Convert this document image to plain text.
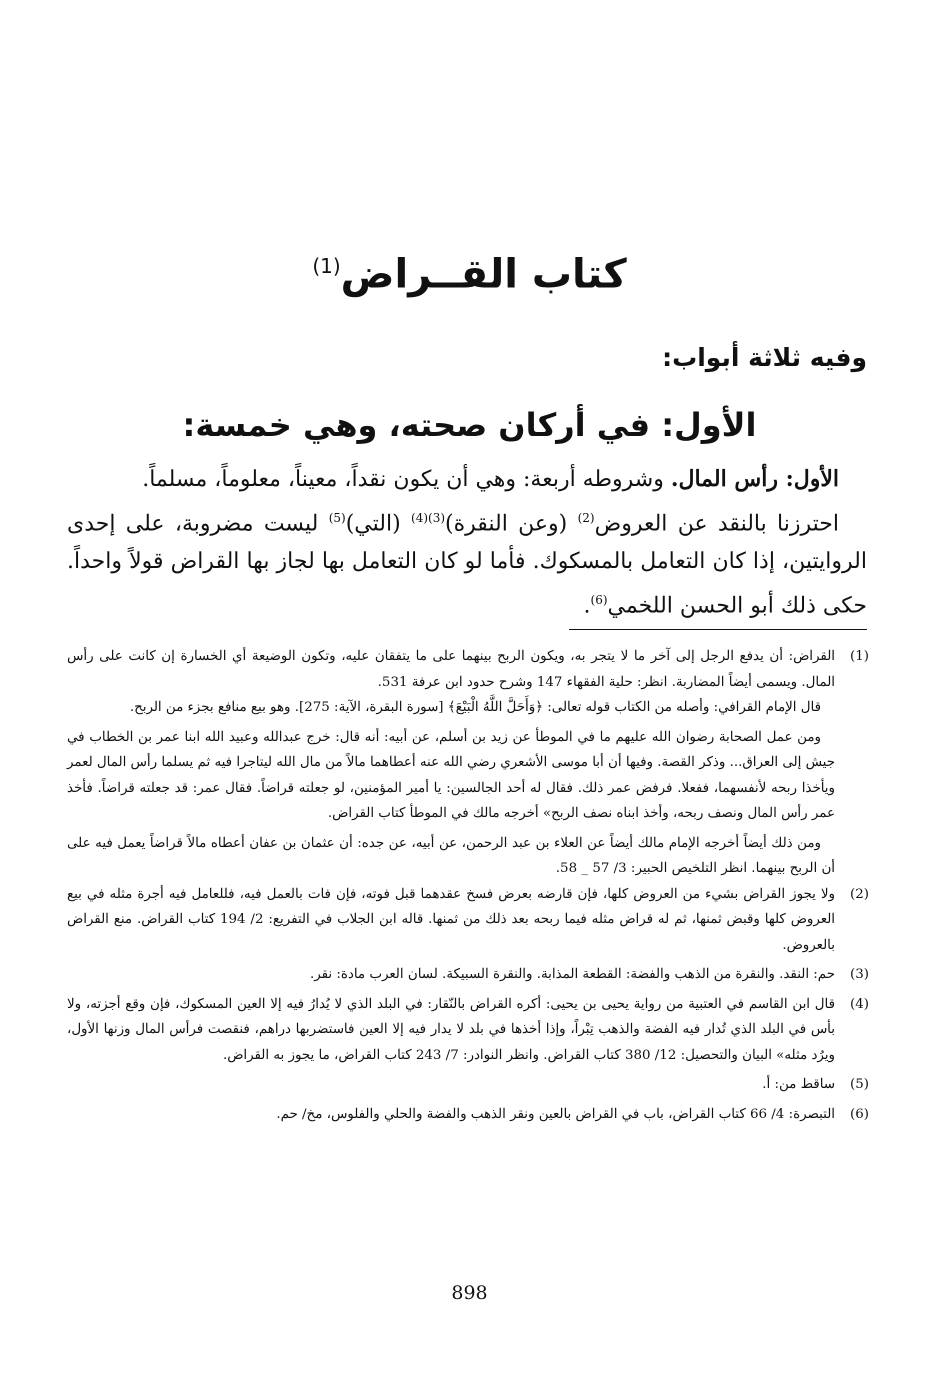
كتاب القــراض$^{(1)}$
وفيه ثلاثة أبواب:
الأول: في أركان صحته، وهي خمسة:

الأول: رأس المال. وشروطه أربعة: وهي أن يكون نقداً، معيناً، معلوماً، مسلماً.

احترزنا بالنقد عن العروض$^{(2)}$ (وعن النقرة)$^{(3)(4)}$ (التي)$^{(5)}$ ليست مضروبة، على إحدى الروايتين، إذا كان التعامل بالمسكوك. فأما لو كان التعامل بها لجاز بها القراض قولاً واحداً. حكى ذلك أبو الحسن اللخمي$^{(6)}$.

(1)

القراض: أن يدفع الرجل إلى آخر ما لا يتجر به، ويكون الربح بينهما على ما يتفقان عليه، وتكون الوضيعة أي الخسارة إن كانت على رأس المال. ويسمى أيضاً المضاربة. انظر: حلية الفقهاء 147 وشرح حدود ابن عرفة 531.

قال الإمام القرافي: وأصله من الكتاب قوله تعالى: ﴿وَأَحَلَّ اللَّهُ الْبَيْعَ﴾ [سورة البقرة، الآية: 275]. وهو بيع منافع بجزء من الربح.

ومن عمل الصحابة رضوان الله عليهم ما في الموطأ عن زيد بن أسلم، عن أبيه: أنه قال: خرج عبدالله وعبيد الله ابنا عمر بن الخطاب في جيش إلى العراق... وذكر القصة. وفيها أن أبا موسى الأشعري رضي الله عنه أعطاهما مالاً من مال الله ليتاجرا فيه ثم يسلما رأس المال لعمر ويأخذا ربحه لأنفسهما، ففعلا. فرفض عمر ذلك. فقال له أحد الجالسين: يا أمير المؤمنين، لو جعلته قراضاً. فقال عمر: قد جعلته قراضاً. فأخذ عمر رأس المال ونصف ربحه، وأخذ ابناه نصف الربح» أخرجه مالك في الموطأ كتاب القراض.

ومن ذلك أيضاً أخرجه الإمام مالك أيضاً عن العلاء بن عبد الرحمن، عن أبيه، عن جده: أن عثمان بن عفان أعطاه مالاً قراضاً يعمل فيه على أن الربح بينهما. انظر التلخيص الحبير: 3/ 57 _ 58.

(2)

ولا يجوز القراض بشيء من العروض كلها، فإن قارضه بعرض فسخ عقدهما قبل فوته، فإن فات بالعمل فيه، فللعامل فيه أجرة مثله في بيع العروض كلها وقبض ثمنها، ثم له قراض مثله فيما ربحه بعد ذلك من ثمنها. قاله ابن الجلاب في التفريع: 2/ 194 كتاب القراض. منع القراض بالعروض.

(3)

حم: النقد. والنقرة من الذهب والفضة: القطعة المذابة. والنقرة السبيكة. لسان العرب مادة: نقر.

(4)

قال ابن القاسم في العتبية من رواية يحيى بن يحيى: أكره القراض بالنّقار: في البلد الذي لا يُدارُ فيه إلا العين المسكوك، فإن وقع أجزته، ولا بأس في البلد الذي تُدار فيه الفضة والذهب تِبْراً، وإذا أخذها في بلد لا يدار فيه إلا العين فاستضربها دراهم، فنقصت فرأس المال وزنها الأول، ويرُد مثله» البيان والتحصيل: 12/ 380 كتاب القراض. وانظر النوادر: 7/ 243 كتاب القراض، ما يجوز به القراض.

(5)

ساقط من: أ.

(6)

التبصرة: 4/ 66 كتاب القراض، باب في القراض بالعين ونقر الذهب والفضة والحلي والفلوس، مخ/ حم.

898
